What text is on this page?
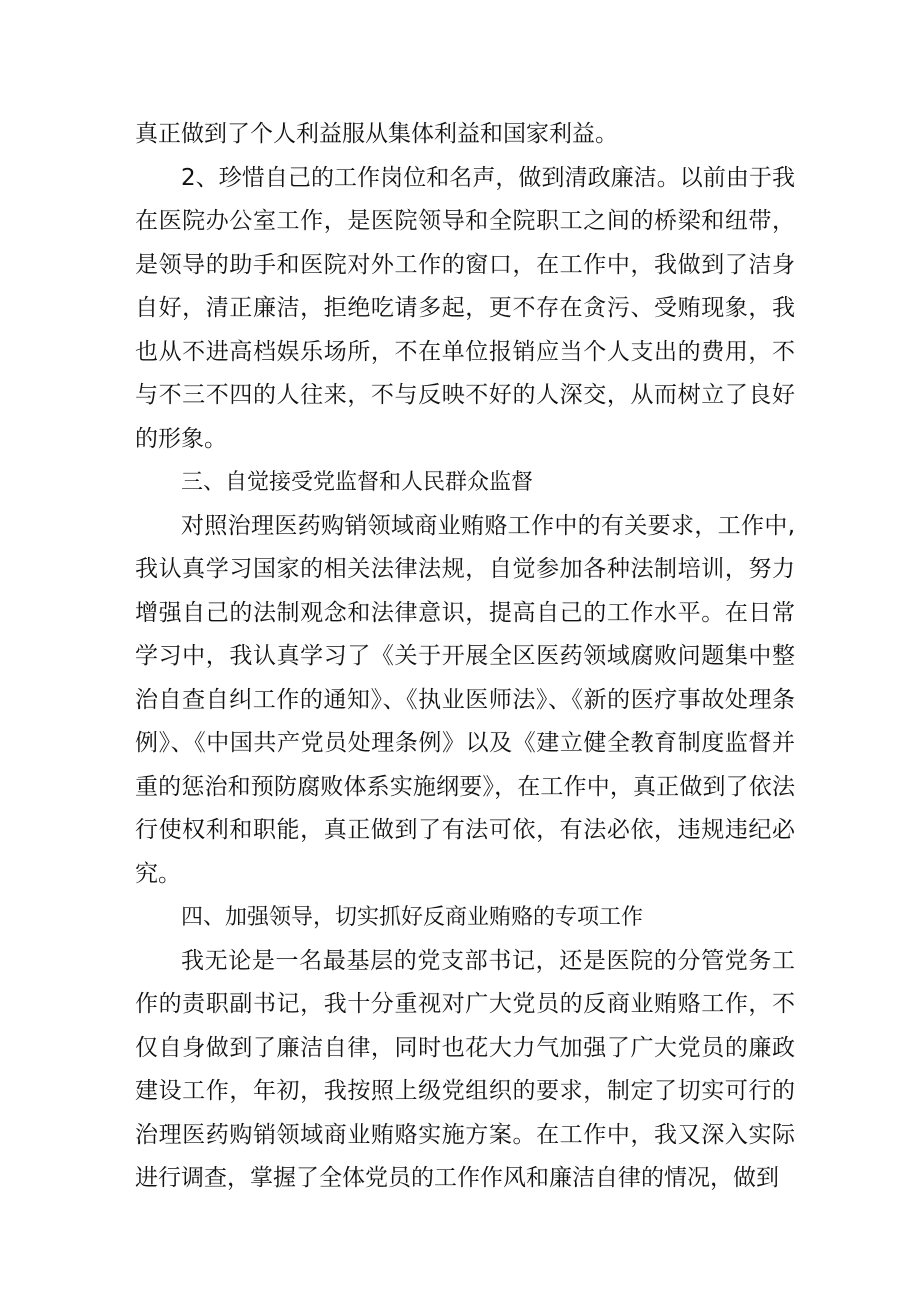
真正做到了个人利益服从集体利益和国家利益。

2、珍惜自己的工作岗位和名声，做到清政廉洁。以前由于我在医院办公室工作，是医院领导和全院职工之间的桥梁和纽带，是领导的助手和医院对外工作的窗口，在工作中，我做到了洁身自好，清正廉洁，拒绝吃请多起，更不存在贪污、受贿现象，我也从不进高档娱乐场所，不在单位报销应当个人支出的费用，不与不三不四的人往来，不与反映不好的人深交，从而树立了良好的形象。

三、自觉接受党监督和人民群众监督

对照治理医药购销领域商业贿赂工作中的有关要求，工作中,我认真学习国家的相关法律法规，自觉参加各种法制培训，努力增强自己的法制观念和法律意识，提高自己的工作水平。在日常学习中，我认真学习了《关于开展全区医药领域腐败问题集中整治自查自纠工作的通知》、《执业医师法》、《新的医疗事故处理条例》、《中国共产党员处理条例》以及《建立健全教育制度监督并重的惩治和预防腐败体系实施纲要》，在工作中，真正做到了依法行使权利和职能，真正做到了有法可依，有法必依，违规违纪必究。

四、加强领导，切实抓好反商业贿赂的专项工作

我无论是一名最基层的党支部书记，还是医院的分管党务工作的责职副书记，我十分重视对广大党员的反商业贿赂工作，不仅自身做到了廉洁自律，同时也花大力气加强了广大党员的廉政建设工作，年初，我按照上级党组织的要求，制定了切实可行的治理医药购销领域商业贿赂实施方案。在工作中，我又深入实际进行调查，掌握了全体党员的工作作风和廉洁自律的情况，做到
